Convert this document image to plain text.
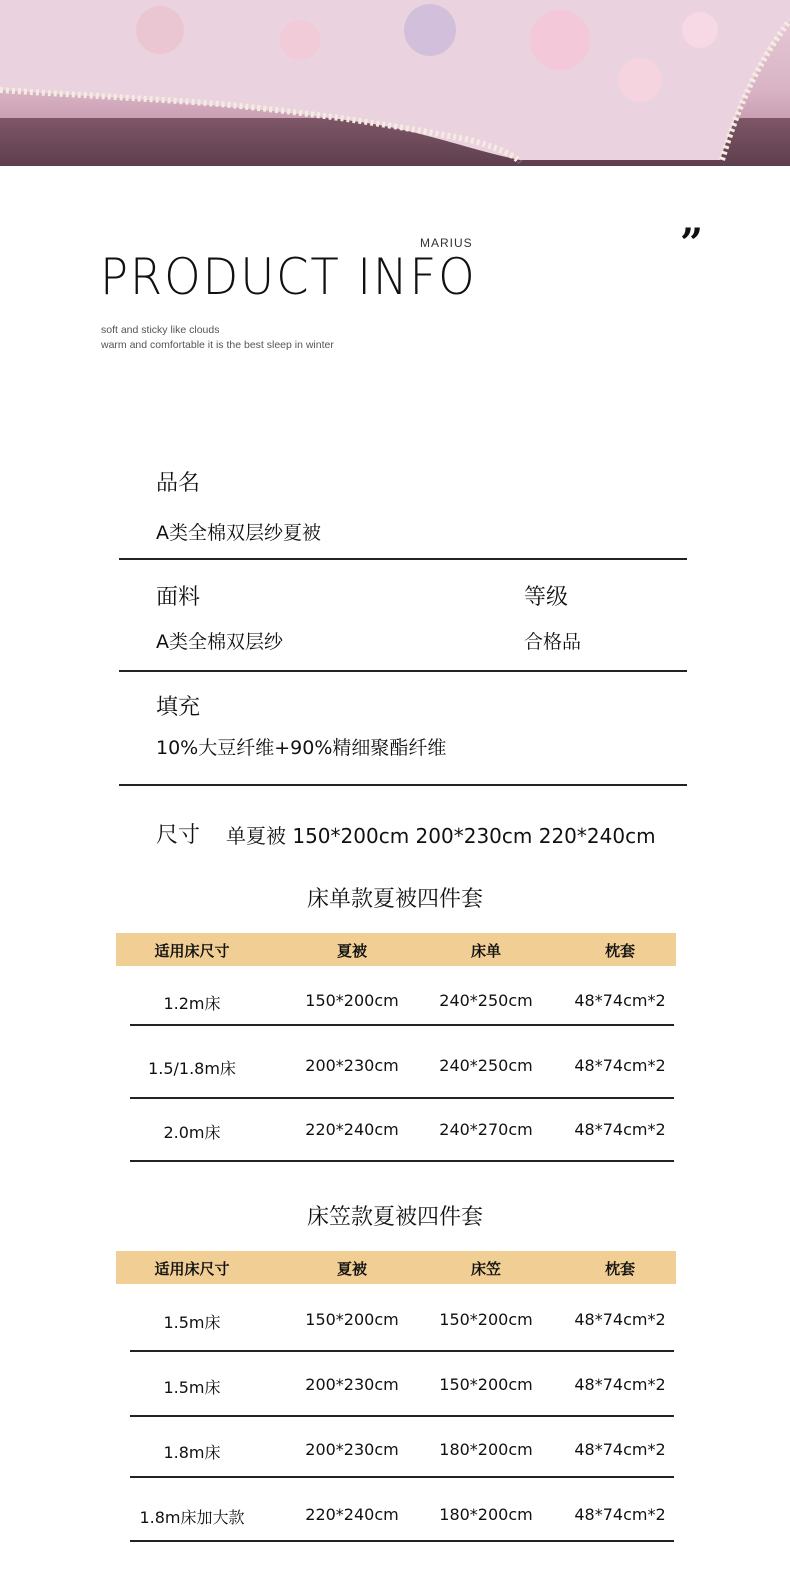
”
MARIUS
PRODUCT INFO
soft and sticky like clouds
warm and comfortable it is the best sleep in winter
品名
A类全棉双层纱夏被
面料
A类全棉双层纱
等级
合格品
填充
10%大豆纤维+90%精细聚酯纤维
尺寸 单夏被 150*200cm 200*230cm 220*240cm
床单款夏被四件套
适用床尺寸	夏被	床单	枕套
1.2m床	150*200cm	240*250cm	48*74cm*2
1.5/1.8m床	200*230cm	240*250cm	48*74cm*2
2.0m床	220*240cm	240*270cm	48*74cm*2
床笠款夏被四件套
适用床尺寸	夏被	床笠	枕套
1.5m床	150*200cm	150*200cm	48*74cm*2
1.5m床	200*230cm	150*200cm	48*74cm*2
1.8m床	200*230cm	180*200cm	48*74cm*2
1.8m床加大款	220*240cm	180*200cm	48*74cm*2
